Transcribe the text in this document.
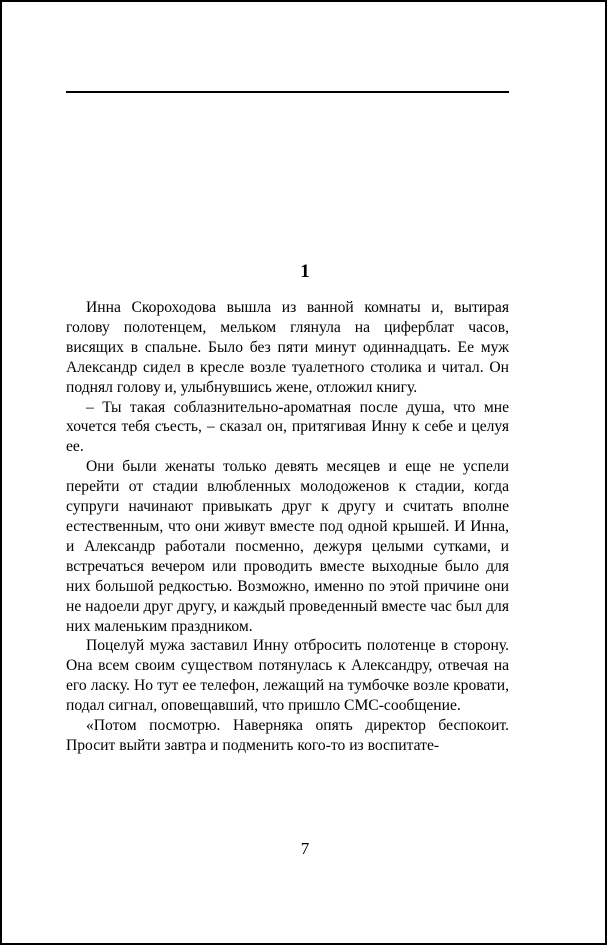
1

Инна Скороходова вышла из ванной комнаты и, вытирая голову полотенцем, мельком глянула на циферблат часов, висящих в спальне. Было без пяти минут одиннадцать. Ее муж Александр сидел в кресле возле туалетного столика и читал. Он поднял голову и, улыбнувшись жене, отложил книгу.

– Ты такая соблазнительно-ароматная после душа, что мне хочется тебя съесть, – сказал он, притягивая Инну к себе и целуя ее.

Они были женаты только девять месяцев и еще не успели перейти от стадии влюбленных молодоженов к стадии, когда супруги начинают привыкать друг к другу и считать вполне естественным, что они живут вместе под одной крышей. И Инна, и Александр работали посменно, дежуря целыми сутками, и встречаться вечером или проводить вместе выходные было для них большой редкостью. Возможно, именно по этой причине они не надоели друг другу, и каждый проведенный вместе час был для них маленьким праздником.

Поцелуй мужа заставил Инну отбросить полотенце в сторону. Она всем своим существом потянулась к Александру, отвечая на его ласку. Но тут ее телефон, лежащий на тумбочке возле кровати, подал сигнал, оповещавший, что пришло СМС-сообщение.

«Потом посмотрю. Наверняка опять директор беспокоит. Просит выйти завтра и подменить кого-то из воспитате-

7
